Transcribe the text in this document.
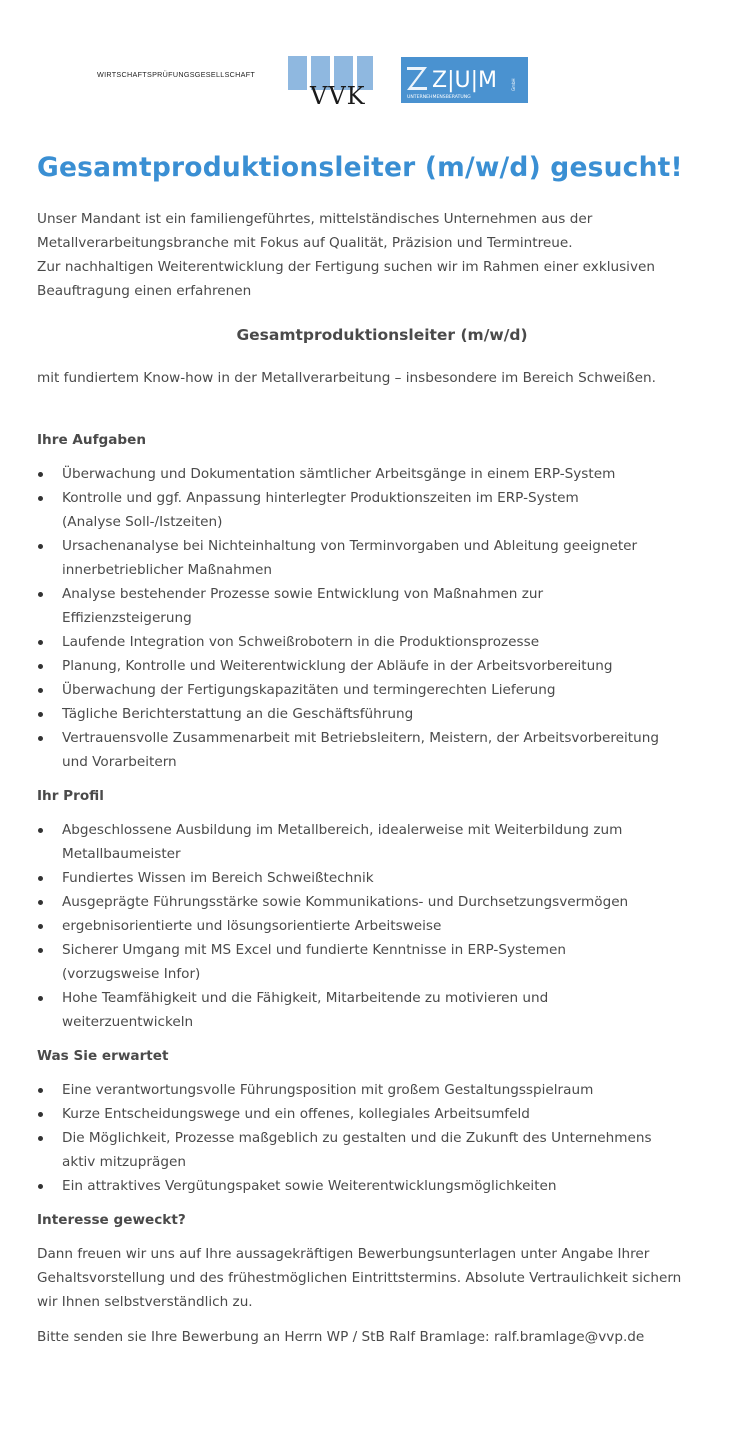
WIRTSCHAFTSPRÜFUNGSGESELLSCHAFT
VVK
Z|U|M	GmbH
UNTERNEHMENSBERATUNG
Gesamtproduktionsleiter (m/w/d) gesucht!

Unser Mandant ist ein familiengeführtes, mittelständisches Unternehmen aus der

Metallverarbeitungsbranche mit Fokus auf Qualität, Präzision und Termintreue.

Zur nachhaltigen Weiterentwicklung der Fertigung suchen wir im Rahmen einer exklusiven

Beauftragung einen erfahrenen

Gesamtproduktionsleiter (m/w/d)

mit fundiertem Know-how in der Metallverarbeitung – insbesondere im Bereich Schweißen.

Ihre Aufgaben
Überwachung und Dokumentation sämtlicher Arbeitsgänge in einem ERP-System
Kontrolle und ggf. Anpassung hinterlegter Produktionszeiten im ERP-System
(Analyse Soll-/Istzeiten)
Ursachenanalyse bei Nichteinhaltung von Terminvorgaben und Ableitung geeigneter
innerbetrieblicher Maßnahmen
Analyse bestehender Prozesse sowie Entwicklung von Maßnahmen zur
Effizienzsteigerung
Laufende Integration von Schweißrobotern in die Produktionsprozesse
Planung, Kontrolle und Weiterentwicklung der Abläufe in der Arbeitsvorbereitung
Überwachung der Fertigungskapazitäten und termingerechten Lieferung
Tägliche Berichterstattung an die Geschäftsführung
Vertrauensvolle Zusammenarbeit mit Betriebsleitern, Meistern, der Arbeitsvorbereitung
und Vorarbeitern
Ihr Profil
Abgeschlossene Ausbildung im Metallbereich, idealerweise mit Weiterbildung zum
Metallbaumeister
Fundiertes Wissen im Bereich Schweißtechnik
Ausgeprägte Führungsstärke sowie Kommunikations- und Durchsetzungsvermögen
ergebnisorientierte und lösungsorientierte Arbeitsweise
Sicherer Umgang mit MS Excel und fundierte Kenntnisse in ERP-Systemen
(vorzugsweise Infor)
Hohe Teamfähigkeit und die Fähigkeit, Mitarbeitende zu motivieren und
weiterzuentwickeln
Was Sie erwartet
Eine verantwortungsvolle Führungsposition mit großem Gestaltungsspielraum
Kurze Entscheidungswege und ein offenes, kollegiales Arbeitsumfeld
Die Möglichkeit, Prozesse maßgeblich zu gestalten und die Zukunft des Unternehmens
aktiv mitzuprägen
Ein attraktives Vergütungspaket sowie Weiterentwicklungsmöglichkeiten
Interesse geweckt?

Dann freuen wir uns auf Ihre aussagekräftigen Bewerbungsunterlagen unter Angabe Ihrer

Gehaltsvorstellung und des frühestmöglichen Eintrittstermins. Absolute Vertraulichkeit sichern

wir Ihnen selbstverständlich zu.

Bitte senden sie Ihre Bewerbung an Herrn WP / StB Ralf Bramlage: ralf.bramlage@vvp.de
